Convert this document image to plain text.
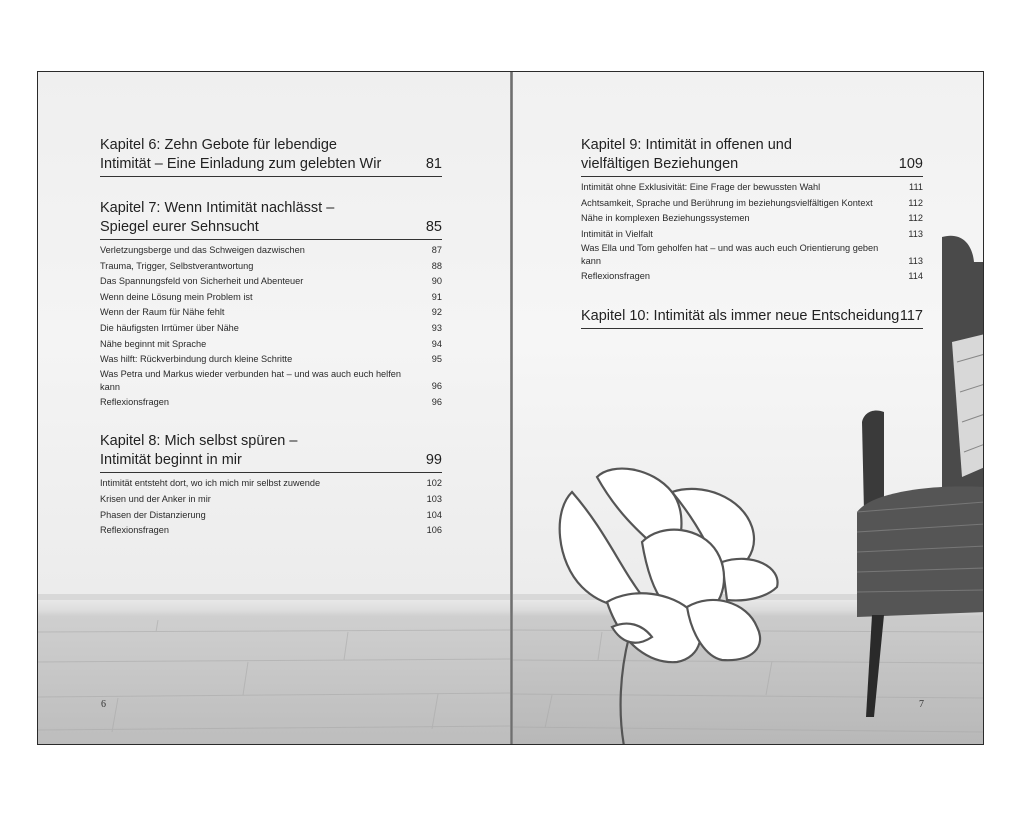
Kapitel 6: Zehn Gebote für lebendige
Intimität – Eine Einladung zum gelebten Wir	81
Kapitel 7: Wenn Intimität nachlässt –
Spiegel eurer Sehnsucht	85
Verletzungsberge und das Schweigen dazwischen	87
Trauma, Trigger, Selbstverantwortung	88
Das Spannungsfeld von Sicherheit und Abenteuer	90
Wenn deine Lösung mein Problem ist	91
Wenn der Raum für Nähe fehlt	92
Die häufigsten Irrtümer über Nähe	93
Nähe beginnt mit Sprache	94
Was hilft: Rückverbindung durch kleine Schritte	95
Was Petra und Markus wieder verbunden hat – und was auch euch helfen kann	96
Reflexionsfragen	96
Kapitel 8: Mich selbst spüren –
Intimität beginnt in mir	99
Intimität entsteht dort, wo ich mich mir selbst zuwende	102
Krisen und der Anker in mir	103
Phasen der Distanzierung	104
Reflexionsfragen	106
Kapitel 9: Intimität in offenen und
vielfältigen Beziehungen	109
Intimität ohne Exklusivität: Eine Frage der bewussten Wahl	111
Achtsamkeit, Sprache und Berührung im beziehungsvielfältigen Kontext	112
Nähe in komplexen Beziehungssystemen	112
Intimität in Vielfalt	113
Was Ella und Tom geholfen hat – und was auch euch Orientierung geben kann	113
Reflexionsfragen	114
Kapitel 10: Intimität als immer neue Entscheidung 117
6	7
